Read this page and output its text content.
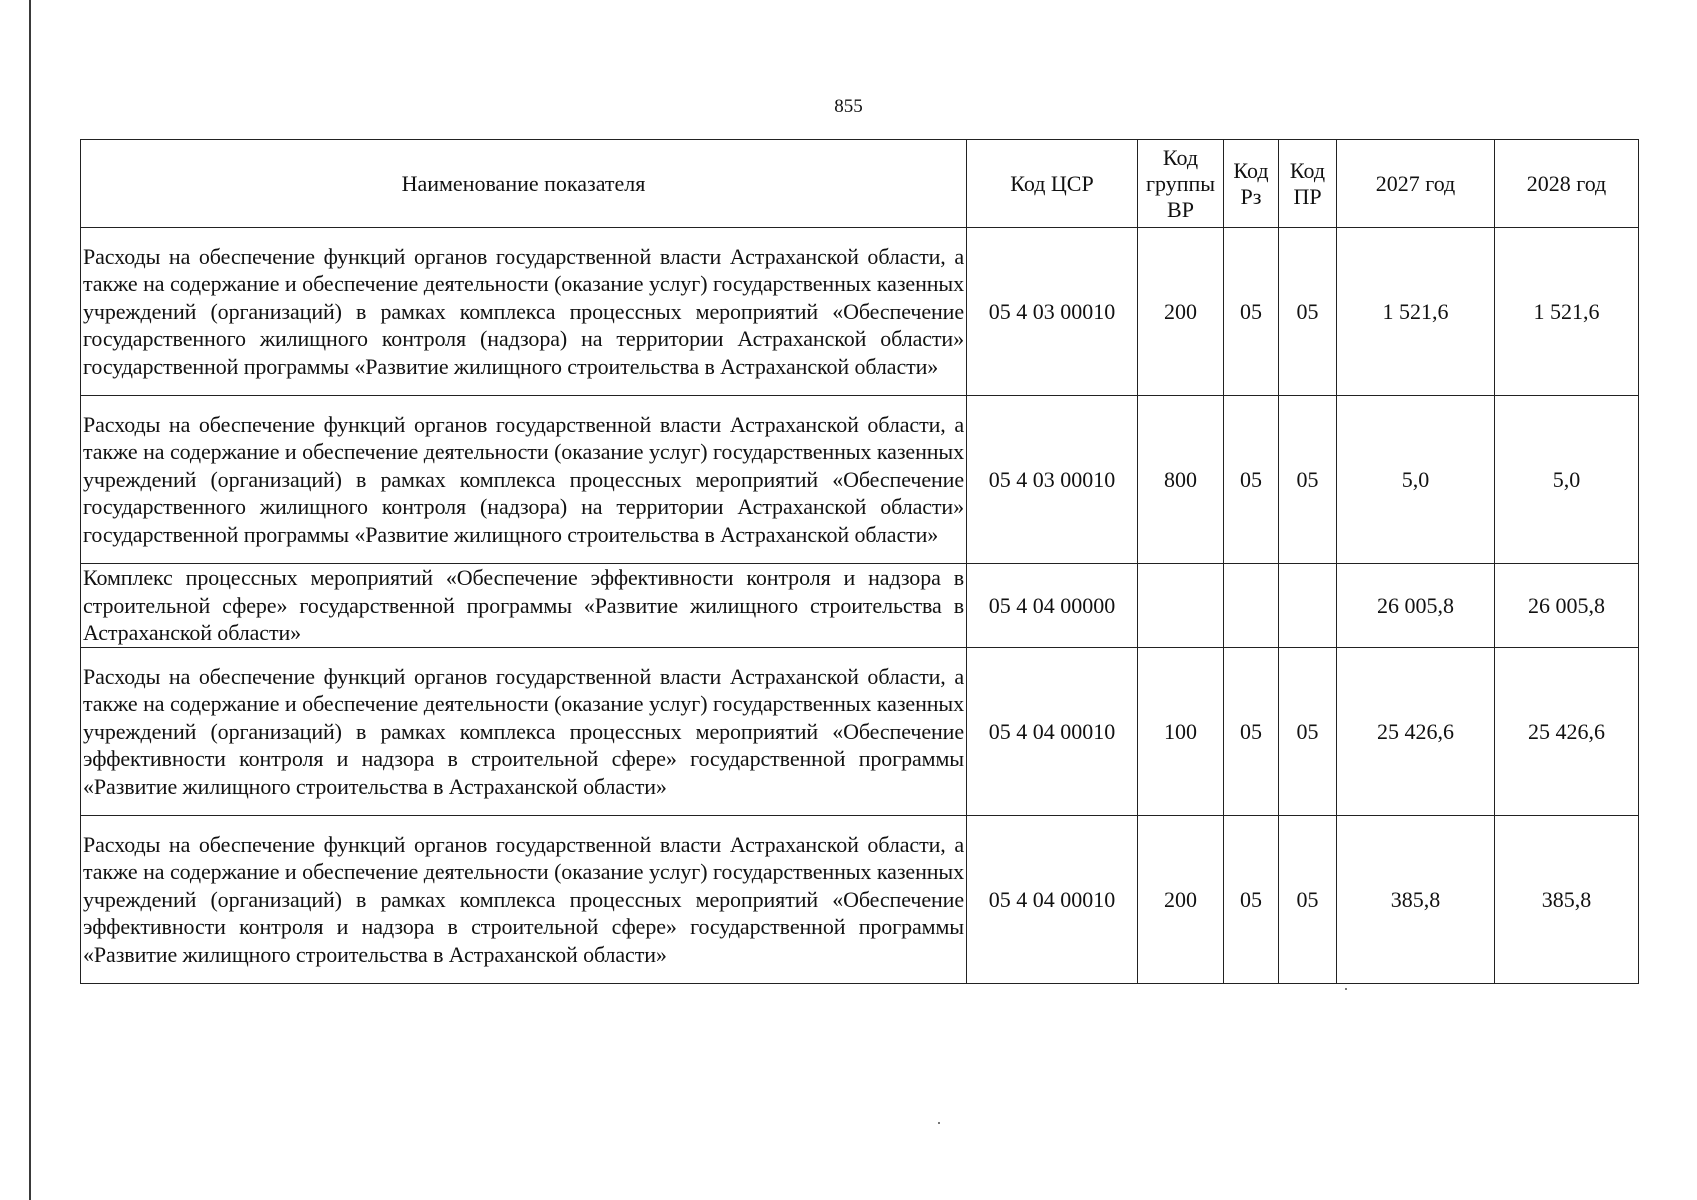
855
Наименование показателя	Код ЦСР	Код группы ВР	Код Рз	Код ПР	2027 год	2028 год
Расходы на обеспечение функций органов государственной власти Астраханской области, а также на содержание и обеспечение деятельности (оказание услуг) государственных казенных учреждений (организаций) в рамках комплекса процессных мероприятий «Обеспечение государственного жилищного контроля (надзора) на территории Астраханской области» государственной программы «Развитие жилищного строительства в Астраханской области»	05 4 03 00010	200	05	05	1 521,6	1 521,6
Расходы на обеспечение функций органов государственной власти Астраханской области, а также на содержание и обеспечение деятельности (оказание услуг) государственных казенных учреждений (организаций) в рамках комплекса процессных мероприятий «Обеспечение государственного жилищного контроля (надзора) на территории Астраханской области» государственной программы «Развитие жилищного строительства в Астраханской области»	05 4 03 00010	800	05	05	5,0	5,0
Комплекс процессных мероприятий «Обеспечение эффективности контроля и надзора в строительной сфере» государственной программы «Развитие жилищного строительства в Астраханской области»	05 4 04 00000				26 005,8	26 005,8
Расходы на обеспечение функций органов государственной власти Астраханской области, а также на содержание и обеспечение деятельности (оказание услуг) государственных казенных учреждений (организаций) в рамках комплекса процессных мероприятий «Обеспечение эффективности контроля и надзора в строительной сфере» государственной программы «Развитие жилищного строительства в Астраханской области»	05 4 04 00010	100	05	05	25 426,6	25 426,6
Расходы на обеспечение функций органов государственной власти Астраханской области, а также на содержание и обеспечение деятельности (оказание услуг) государственных казенных учреждений (организаций) в рамках комплекса процессных мероприятий «Обеспечение эффективности контроля и надзора в строительной сфере» государственной программы «Развитие жилищного строительства в Астраханской области»	05 4 04 00010	200	05	05	385,8	385,8
